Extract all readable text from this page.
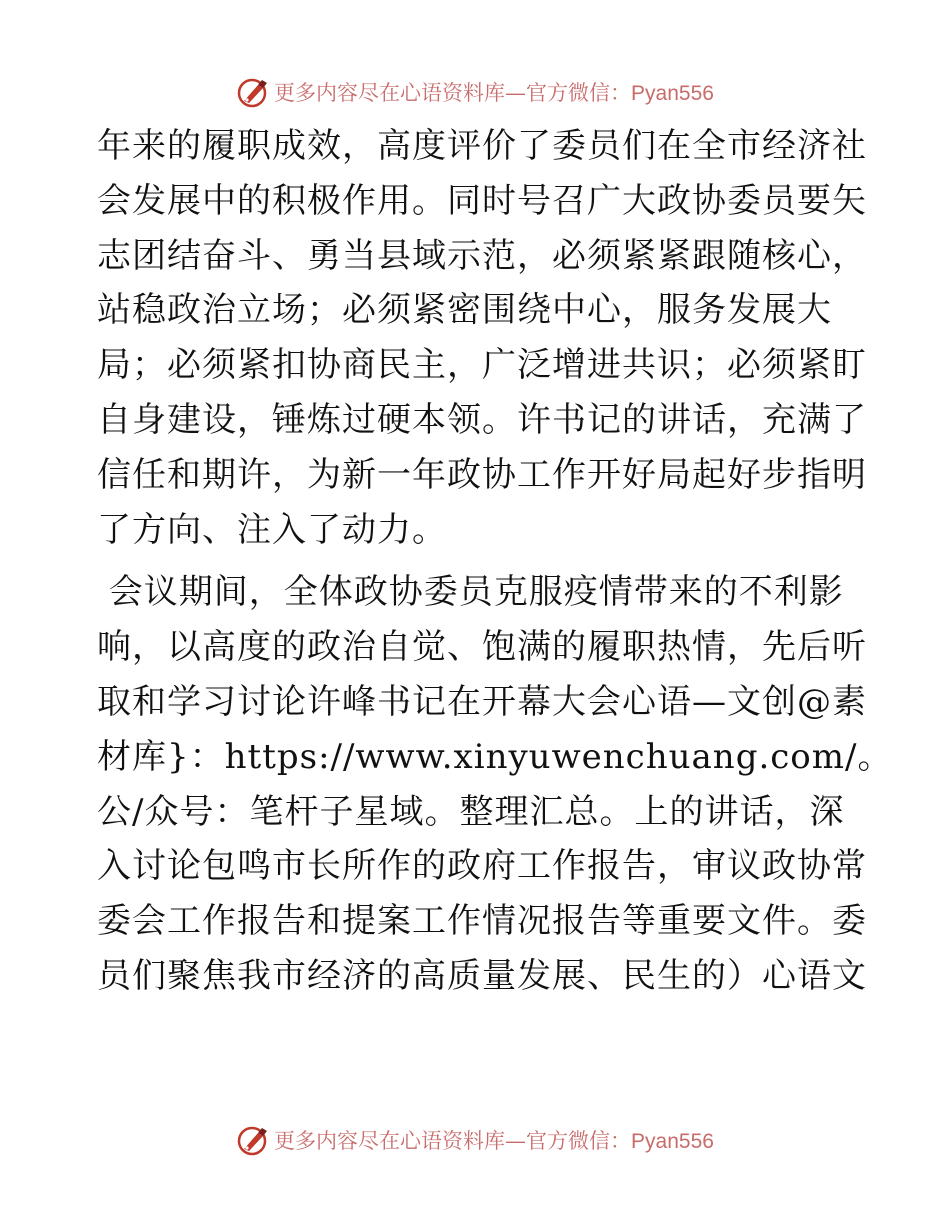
更多内容尽在心语资料库—官方微信：Pyan556
年来的履职成效，高度评价了委员们在全市经济社
会发展中的积极作用。同时号召广大政协委员要矢
志团结奋斗、勇当县域示范，必须紧紧跟随核心，
站稳政治立场；必须紧密围绕中心，服务发展大
局；必须紧扣协商民主，广泛增进共识；必须紧盯
自身建设，锤炼过硬本领。许书记的讲话，充满了
信任和期许，为新一年政协工作开好局起好步指明
了方向、注入了动力。
会议期间，全体政协委员克服疫情带来的不利影
响，以高度的政治自觉、饱满的履职热情，先后听
取和学习讨论许峰书记在开幕大会心语—文创@素
材库}：https://www.xinyuwenchuang.com/。
公/众号：笔杆子星域。整理汇总。上的讲话，深
入讨论包鸣市长所作的政府工作报告，审议政协常
委会工作报告和提案工作情况报告等重要文件。委
员们聚焦我市经济的高质量发展、民生的）心语文
更多内容尽在心语资料库—官方微信：Pyan556
